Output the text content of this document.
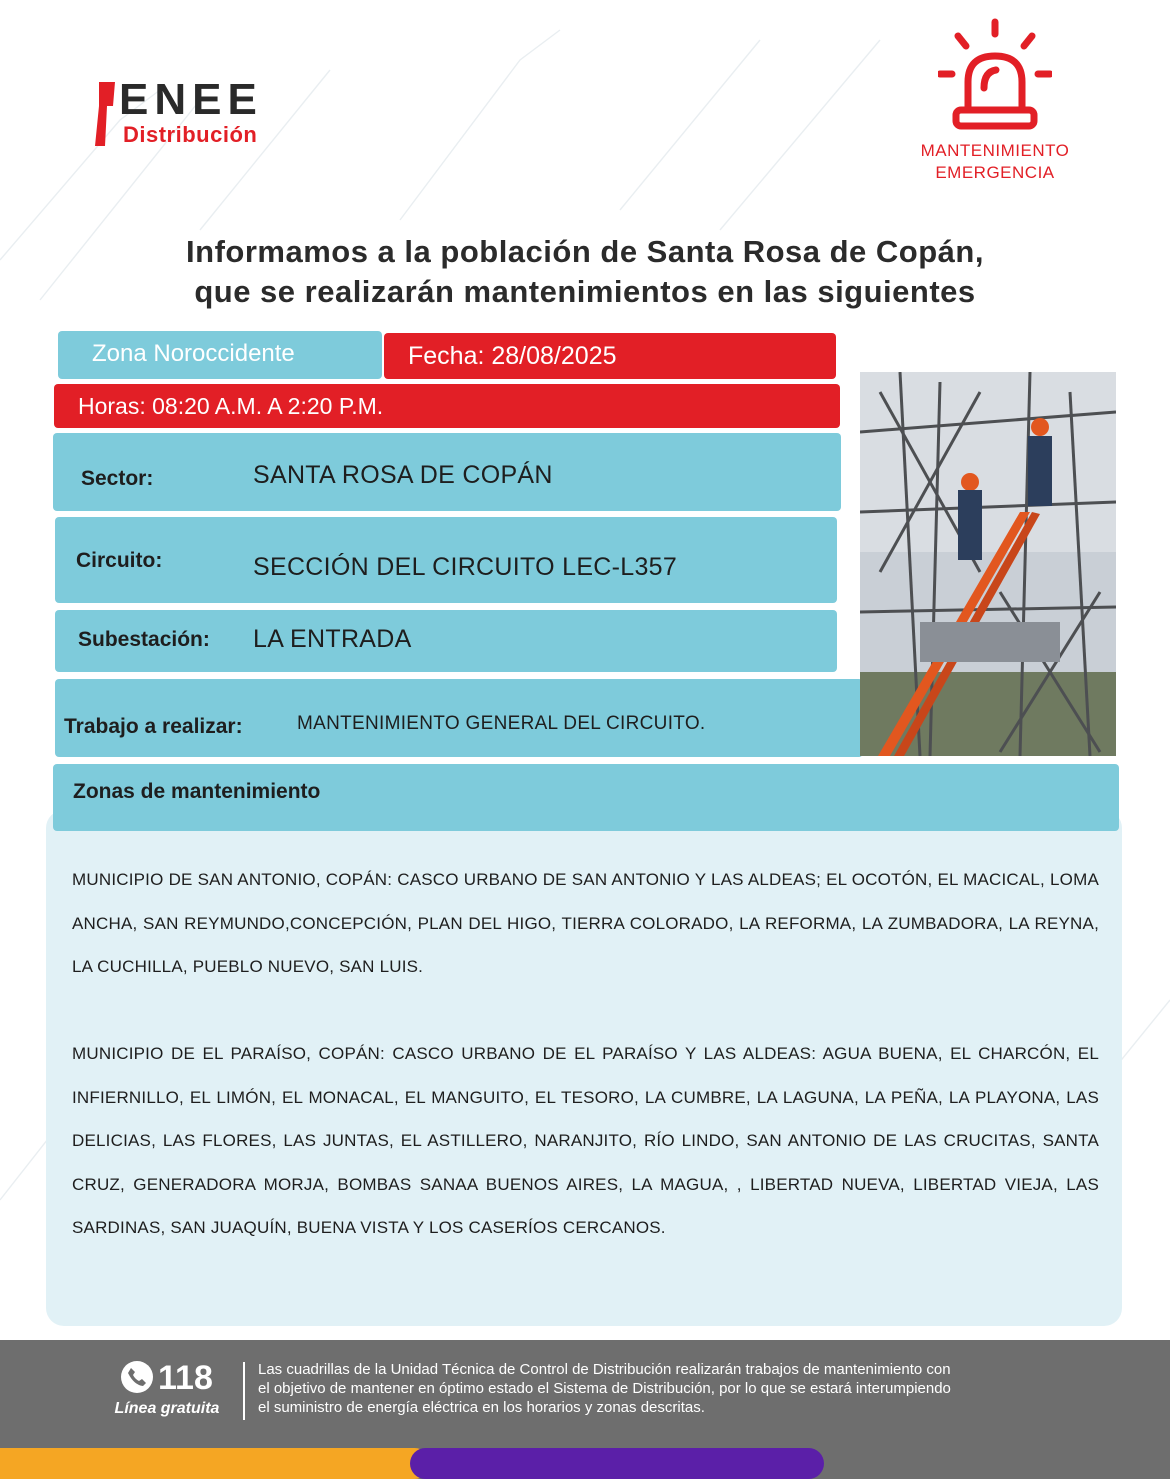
ENEE
Distribución
MANTENIMIENTO
EMERGENCIA
Informamos a la población de Santa Rosa de Copán,
que se realizarán mantenimientos en las siguientes
Zona Noroccidente	Fecha: 28/08/2025
Horas: 08:20 A.M. A 2:20 P.M.
Sector:	SANTA ROSA DE COPÁN
Circuito:	SECCIÓN DEL CIRCUITO LEC-L357
Subestación: LA ENTRADA
Trabajo a realizar:	MANTENIMIENTO GENERAL DEL CIRCUITO.
Zonas de mantenimiento
MUNICIPIO DE SAN ANTONIO, COPÁN: CASCO URBANO DE SAN ANTONIO Y LAS ALDEAS; EL OCOTÓN, EL MACICAL, LOMA ANCHA, SAN REYMUNDO,CONCEPCIÓN, PLAN DEL HIGO, TIERRA COLORADO, LA REFORMA, LA ZUMBADORA, LA REYNA, LA CUCHILLA, PUEBLO NUEVO, SAN LUIS.
MUNICIPIO DE EL PARAÍSO, COPÁN: CASCO URBANO DE EL PARAÍSO Y LAS ALDEAS: AGUA BUENA, EL CHARCÓN, EL INFIERNILLO, EL LIMÓN, EL MONACAL, EL MANGUITO, EL TESORO, LA CUMBRE, LA LAGUNA, LA PEÑA, LA PLAYONA, LAS DELICIAS, LAS FLORES, LAS JUNTAS, EL ASTILLERO, NARANJITO, RÍO LINDO, SAN ANTONIO DE LAS CRUCITAS, SANTA CRUZ, GENERADORA MORJA, BOMBAS SANAA BUENOS AIRES, LA MAGUA, , LIBERTAD NUEVA, LIBERTAD VIEJA, LAS SARDINAS, SAN JUAQUÍN, BUENA VISTA Y LOS CASERÍOS CERCANOS.
118
Línea gratuita
Las cuadrillas de la Unidad Técnica de Control de Distribución realizarán trabajos de mantenimiento con
el objetivo de mantener en óptimo estado el Sistema de Distribución, por lo que se estará interumpiendo
el suministro de energía eléctrica en los horarios y zonas descritas.
